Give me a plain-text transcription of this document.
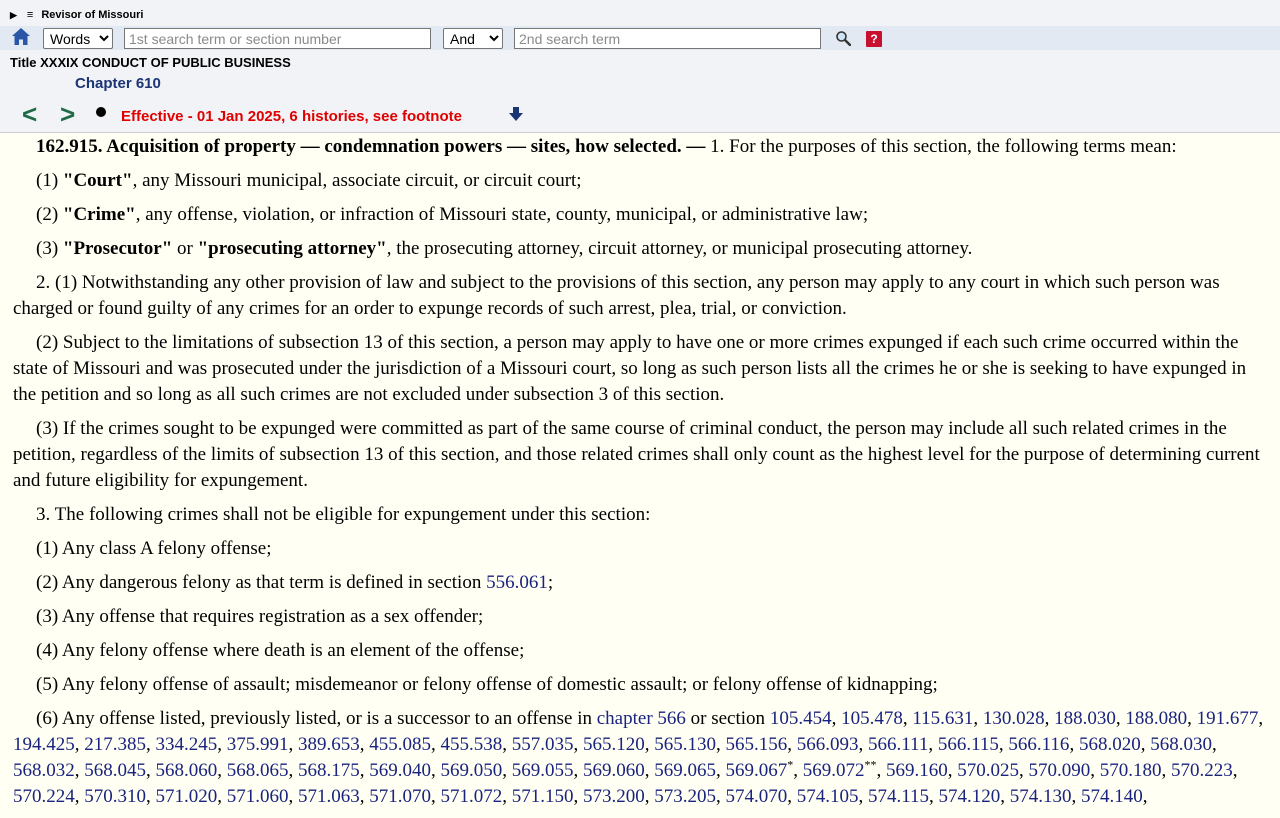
▶ ≡ Revisor of Missouri
Words
1st search term or section number
And
2nd search term
?
Title XXXIX CONDUCT OF PUBLIC BUSINESS
Chapter 610
< >	Effective - 01 Jan 2025, 6 histories, see footnote

162.915. Acquisition of property — condemnation powers — sites, how selected. — 1. For the purposes of this section, the following terms mean:

(1) "Court", any Missouri municipal, associate circuit, or circuit court;

(2) "Crime", any offense, violation, or infraction of Missouri state, county, municipal, or administrative law;

(3) "Prosecutor" or "prosecuting attorney", the prosecuting attorney, circuit attorney, or municipal prosecuting attorney.

2. (1) Notwithstanding any other provision of law and subject to the provisions of this section, any person may apply to any court in which such person was charged or found guilty of any crimes for an order to expunge records of such arrest, plea, trial, or conviction.

(2) Subject to the limitations of subsection 13 of this section, a person may apply to have one or more crimes expunged if each such crime occurred within the state of Missouri and was prosecuted under the jurisdiction of a Missouri court, so long as such person lists all the crimes he or she is seeking to have expunged in the petition and so long as all such crimes are not excluded under subsection 3 of this section.

(3) If the crimes sought to be expunged were committed as part of the same course of criminal conduct, the person may include all such related crimes in the petition, regardless of the limits of subsection 13 of this section, and those related crimes shall only count as the highest level for the purpose of determining current and future eligibility for expungement.

3. The following crimes shall not be eligible for expungement under this section:

(1) Any class A felony offense;

(2) Any dangerous felony as that term is defined in section 556.061;

(3) Any offense that requires registration as a sex offender;

(4) Any felony offense where death is an element of the offense;

(5) Any felony offense of assault; misdemeanor or felony offense of domestic assault; or felony offense of kidnapping;

(6) Any offense listed, previously listed, or is a successor to an offense in chapter 566 or section 105.454, 105.478, 115.631, 130.028, 188.030, 188.080, 191.677, 194.425, 217.385, 334.245, 375.991, 389.653, 455.085, 455.538, 557.035, 565.120, 565.130, 565.156, 566.093, 566.111, 566.115, 566.116, 568.020, 568.030, 568.032, 568.045, 568.060, 568.065, 568.175, 569.040, 569.050, 569.055, 569.060, 569.065, 569.067*, 569.072**, 569.160, 570.025, 570.090, 570.180, 570.223, 570.224, 570.310, 571.020, 571.060, 571.063, 571.070, 571.072, 571.150, 573.200, 573.205, 574.070, 574.105, 574.115, 574.120, 574.130, 574.140,
